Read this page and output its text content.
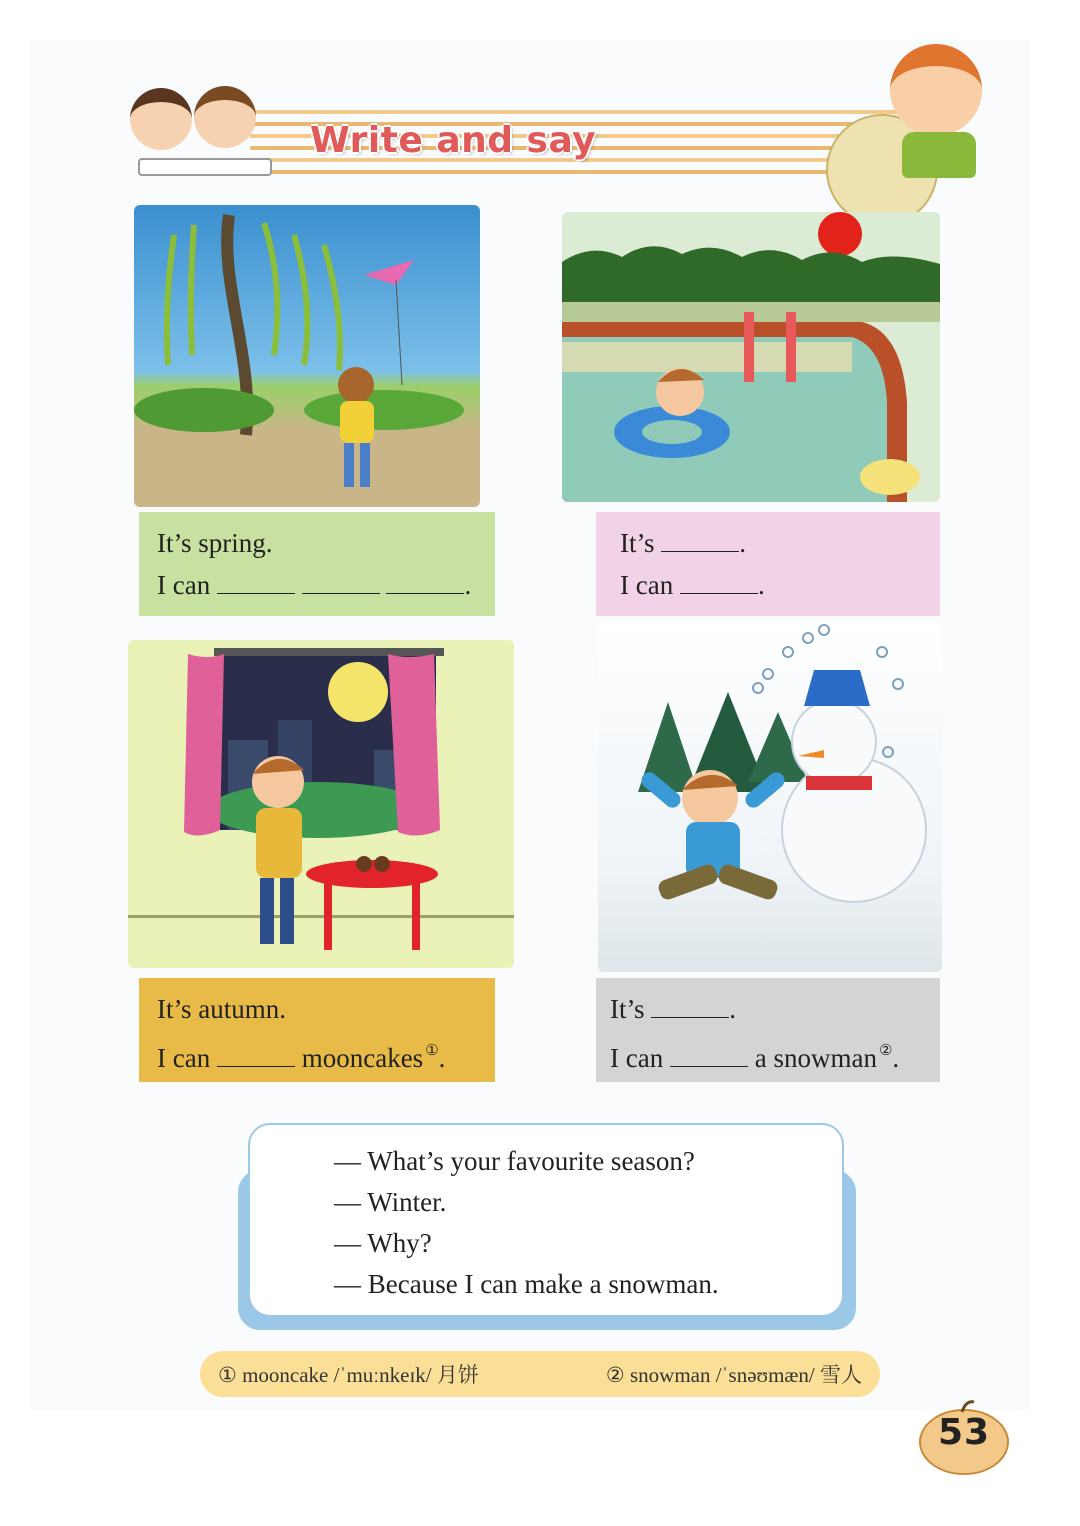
Write and say
It’s spring.
I can	.
It’s	.
I can	.
It’s autumn.
I can	mooncakes ①.
It’s	.
I can	a snowman ②.

— What’s your favourite season?

— Winter.

— Why?

— Because I can make a snowman.

① mooncake /ˈmuːnkeɪk/ 月饼	② snowman /ˈsnəʊmæn/ 雪人
53
